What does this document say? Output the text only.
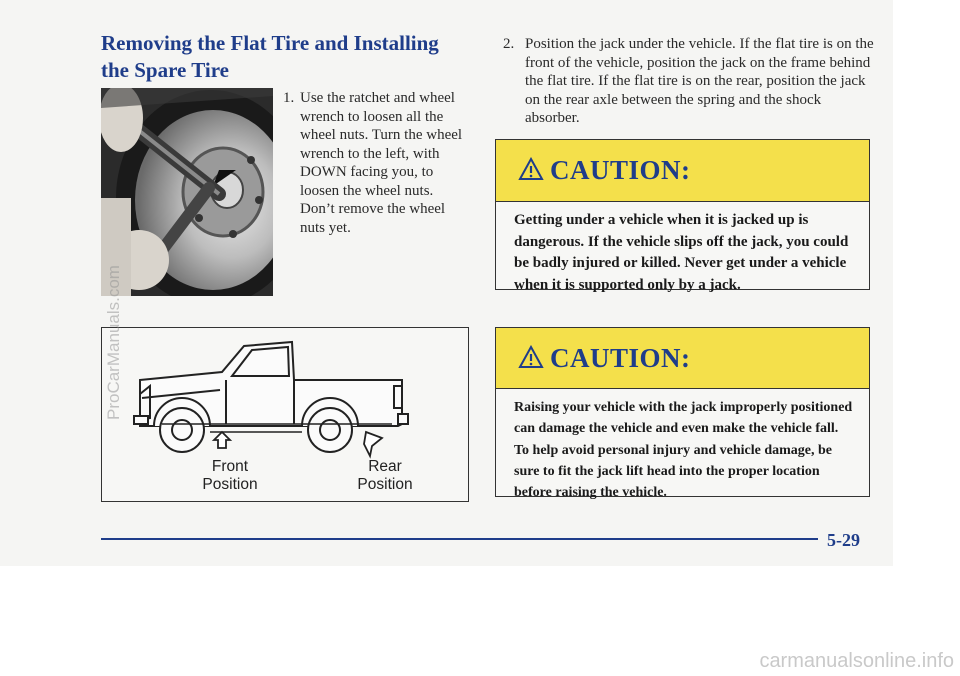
Removing the Flat Tire and Installing the Spare Tire
1. Use the ratchet and wheel wrench to loosen all the wheel nuts. Turn the wheel wrench to the left, with DOWN facing you, to loosen the wheel nuts. Don’t remove the wheel nuts yet.
2. Position the jack under the vehicle. If the flat tire is on the front of the vehicle, position the jack on the frame behind the flat tire. If the flat tire is on the rear, position the jack on the rear axle between the spring and the shock absorber.
Front Position
Rear Position
CAUTION:
Getting under a vehicle when it is jacked up is dangerous. If the vehicle slips off the jack, you could be badly injured or killed. Never get under a vehicle when it is supported only by a jack.
CAUTION:
Raising your vehicle with the jack improperly positioned can damage the vehicle and even make the vehicle fall. To help avoid personal injury and vehicle damage, be sure to fit the jack lift head into the proper location before raising the vehicle.
5-29
ProCarManuals.com
carmanualsonline.info
